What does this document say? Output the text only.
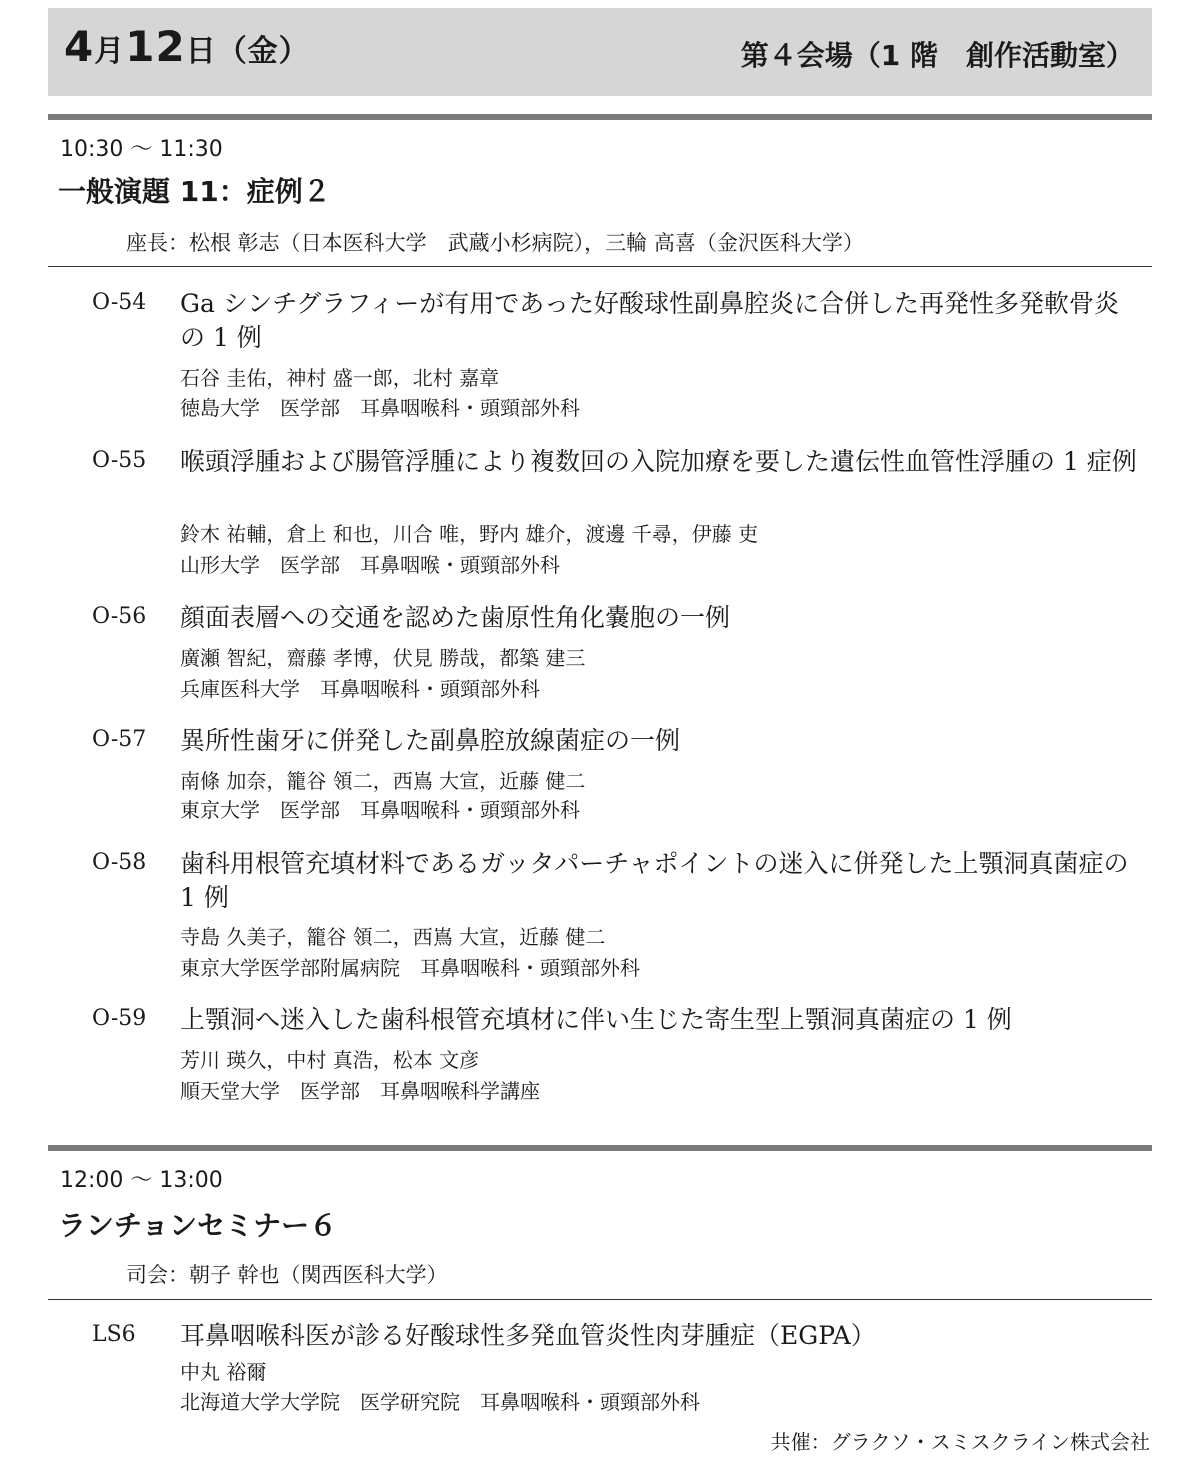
4月12日（金）	第４会場（1 階　創作活動室）
10:30 〜 11:30
一般演題 11：症例２
座長：松根 彰志（日本医科大学　武蔵小杉病院），三輪 高喜（金沢医科大学）
O-54 Ga シンチグラフィーが有用であった好酸球性副鼻腔炎に合併した再発性多発軟骨炎の 1 例
石谷 圭佑，神村 盛一郎，北村 嘉章
徳島大学　医学部　耳鼻咽喉科・頭頸部外科
O-55 喉頭浮腫および腸管浮腫により複数回の入院加療を要した遺伝性血管性浮腫の 1 症例
鈴木 祐輔，倉上 和也，川合 唯，野内 雄介，渡邊 千尋，伊藤 吏
山形大学　医学部　耳鼻咽喉・頭頸部外科
O-56 顔面表層への交通を認めた歯原性角化嚢胞の一例
廣瀬 智紀，齋藤 孝博，伏見 勝哉，都築 建三
兵庫医科大学　耳鼻咽喉科・頭頸部外科
O-57 異所性歯牙に併発した副鼻腔放線菌症の一例
南條 加奈，籠谷 領二，西嶌 大宣，近藤 健二
東京大学　医学部　耳鼻咽喉科・頭頸部外科
O-58 歯科用根管充填材料であるガッタパーチャポイントの迷入に併発した上顎洞真菌症の 1 例
寺島 久美子，籠谷 領二，西嶌 大宣，近藤 健二
東京大学医学部附属病院　耳鼻咽喉科・頭頸部外科
O-59 上顎洞へ迷入した歯科根管充填材に伴い生じた寄生型上顎洞真菌症の 1 例
芳川 瑛久，中村 真浩，松本 文彦
順天堂大学　医学部　耳鼻咽喉科学講座
12:00 〜 13:00
ランチョンセミナー６
司会：朝子 幹也（関西医科大学）
LS6 耳鼻咽喉科医が診る好酸球性多発血管炎性肉芽腫症（EGPA）
中丸 裕爾
北海道大学大学院　医学研究院　耳鼻咽喉科・頭頸部外科
共催：グラクソ・スミスクライン株式会社
